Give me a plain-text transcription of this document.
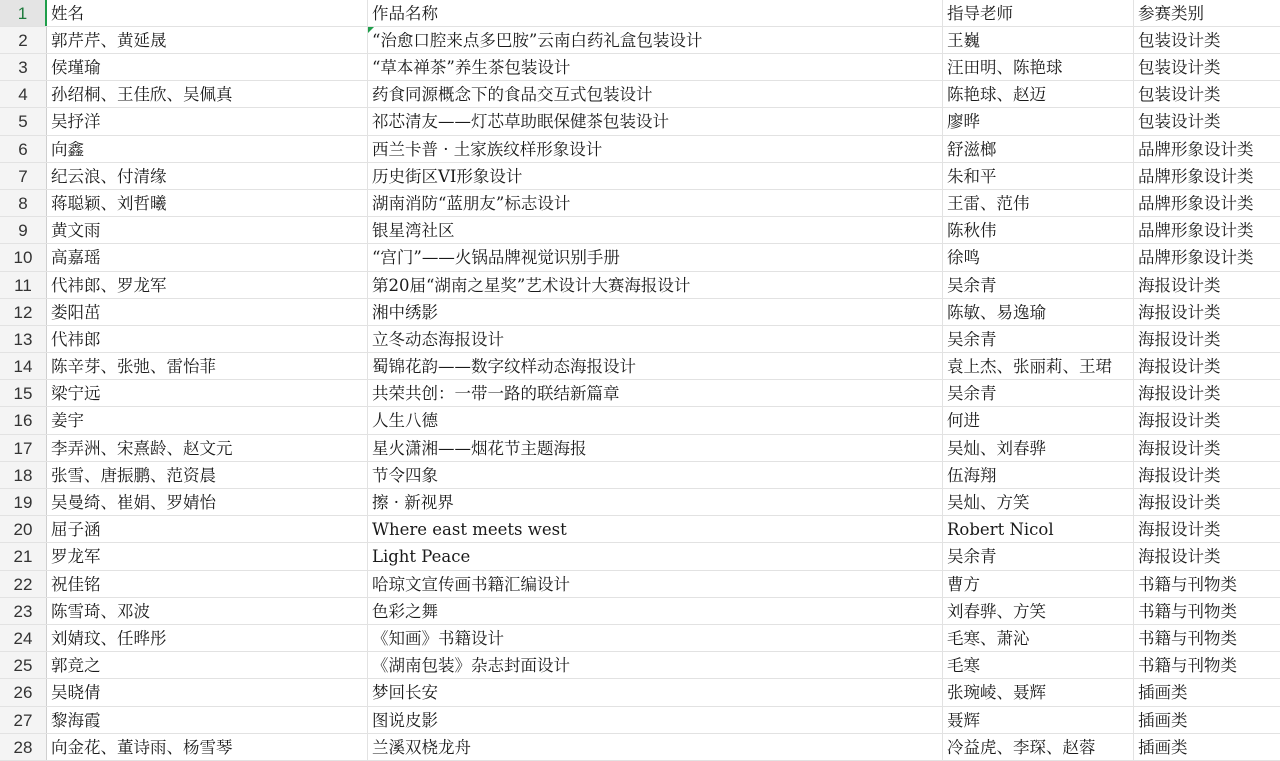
1	姓名	作品名称	指导老师	参赛类别
2	郭芹芹、黄延晟	“治愈口腔来点多巴胺”云南白药礼盒包装设计	王巍	包装设计类
3	侯瑾瑜	“草本禅茶”养生茶包装设计	汪田明、陈艳球	包装设计类
4	孙绍桐、王佳欣、吴佩真	药食同源概念下的食品交互式包装设计	陈艳球、赵迈	包装设计类
5	吴抒洋	祁芯清友——灯芯草助眠保健茶包装设计	廖晔	包装设计类
6	向鑫	西兰卡普 · 土家族纹样形象设计	舒滋榔	品牌形象设计类
7	纪云浪、付清缘	历史街区VI形象设计	朱和平	品牌形象设计类
8	蒋聪颖、刘哲曦	湖南消防“蓝朋友”标志设计	王雷、范伟	品牌形象设计类
9	黄文雨	银星湾社区	陈秋伟	品牌形象设计类
10	高嘉瑶	“宫门”——火锅品牌视觉识别手册	徐鸣	品牌形象设计类
11	代祎郎、罗龙军	第20届“湖南之星奖”艺术设计大赛海报设计	吴余青	海报设计类
12	娄阳茁	湘中绣影	陈敏、易逸瑜	海报设计类
13	代祎郎	立冬动态海报设计	吴余青	海报设计类
14	陈辛芽、张弛、雷怡菲	蜀锦花韵——数字纹样动态海报设计	袁上杰、张丽莉、王珺	海报设计类
15	梁宁远	共荣共创：一带一路的联结新篇章	吴余青	海报设计类
16	姜宇	人生八德	何进	海报设计类
17	李弄洲、宋熹龄、赵文元	星火潇湘——烟花节主题海报	吴灿、刘春骅	海报设计类
18	张雪、唐振鹏、范资晨	节令四象	伍海翔	海报设计类
19	吴曼绮、崔娟、罗婧怡	擦 · 新视界	吴灿、方笑	海报设计类
20	屈子涵	Where east meets west	Robert Nicol	海报设计类
21	罗龙军	Light Peace	吴余青	海报设计类
22	祝佳铭	哈琼文宣传画书籍汇编设计	曹方	书籍与刊物类
23	陈雪琦、邓波	色彩之舞	刘春骅、方笑	书籍与刊物类
24	刘婧玟、任晔彤	《知画》书籍设计	毛寒、萧沁	书籍与刊物类
25	郭竞之	《湖南包装》杂志封面设计	毛寒	书籍与刊物类
26	吴晓倩	梦回长安	张琬崚、聂辉	插画类
27	黎海霞	图说皮影	聂辉	插画类
28	向金花、董诗雨、杨雪琴	兰溪双桡龙舟	冷益虎、李琛、赵蓉	插画类
